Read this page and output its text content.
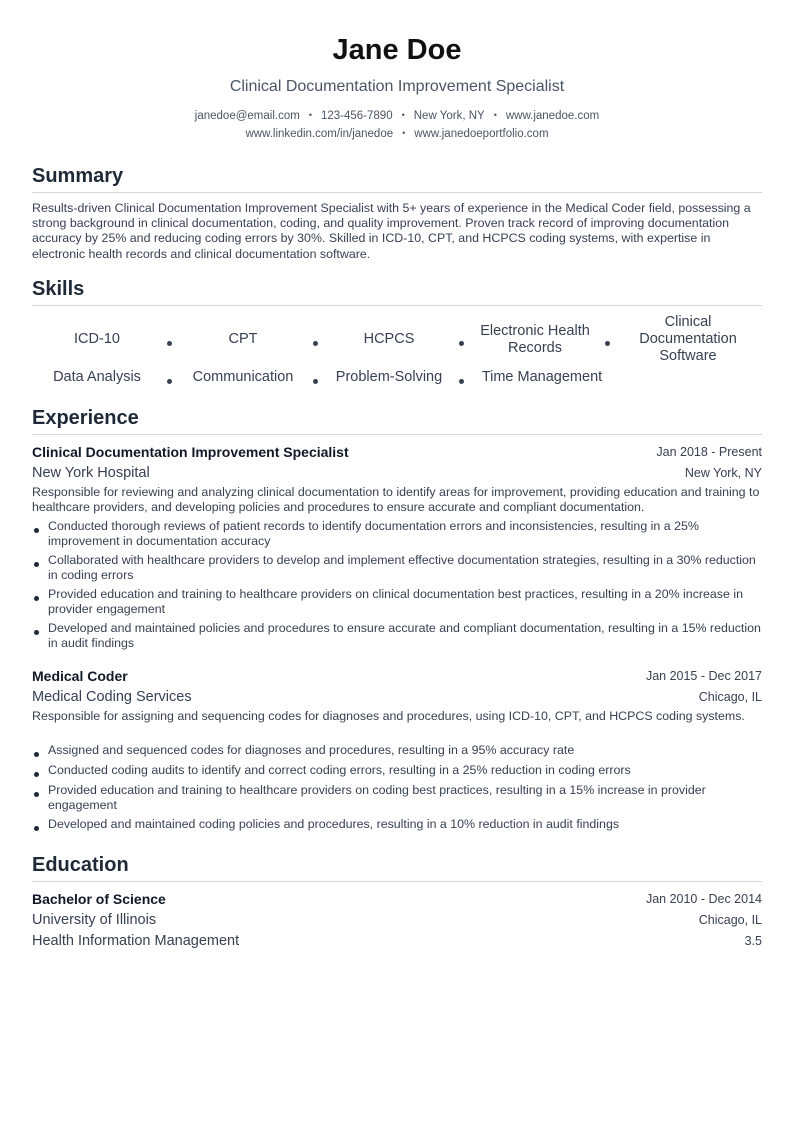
Jane Doe
Clinical Documentation Improvement Specialist
janedoe@email.com • 123-456-7890 • New York, NY • www.janedoe.com
www.linkedin.com/in/janedoe • www.janedoeportfolio.com
Summary
Results-driven Clinical Documentation Improvement Specialist with 5+ years of experience in the Medical Coder field, possessing a strong background in clinical documentation, coding, and quality improvement. Proven track record of improving documentation accuracy by 25% and reducing coding errors by 30%. Skilled in ICD-10, CPT, and HCPCS coding systems, with expertise in electronic health records and clinical documentation software.
Skills
ICD-10	CPT	HCPCS	Electronic Health Records
Clinical Documentation Software
Data Analysis	Communication	Problem-Solving	Time Management
Experience
Clinical Documentation Improvement Specialist	Jan 2018 - Present
New York Hospital	New York, NY
Responsible for reviewing and analyzing clinical documentation to identify areas for improvement, providing education and training to healthcare providers, and developing policies and procedures to ensure accurate and compliant documentation.
Conducted thorough reviews of patient records to identify documentation errors and inconsistencies, resulting in a 25% improvement in documentation accuracy
Collaborated with healthcare providers to develop and implement effective documentation strategies, resulting in a 30% reduction in coding errors
Provided education and training to healthcare providers on clinical documentation best practices, resulting in a 20% increase in provider engagement
Developed and maintained policies and procedures to ensure accurate and compliant documentation, resulting in a 15% reduction in audit findings
Medical Coder	Jan 2015 - Dec 2017
Medical Coding Services	Chicago, IL
Responsible for assigning and sequencing codes for diagnoses and procedures, using ICD-10, CPT, and HCPCS coding systems.
Assigned and sequenced codes for diagnoses and procedures, resulting in a 95% accuracy rate
Conducted coding audits to identify and correct coding errors, resulting in a 25% reduction in coding errors
Provided education and training to healthcare providers on coding best practices, resulting in a 15% increase in provider engagement
Developed and maintained coding policies and procedures, resulting in a 10% reduction in audit findings
Education
Bachelor of Science	Jan 2010 - Dec 2014
University of Illinois	Chicago, IL
Health Information Management	3.5
